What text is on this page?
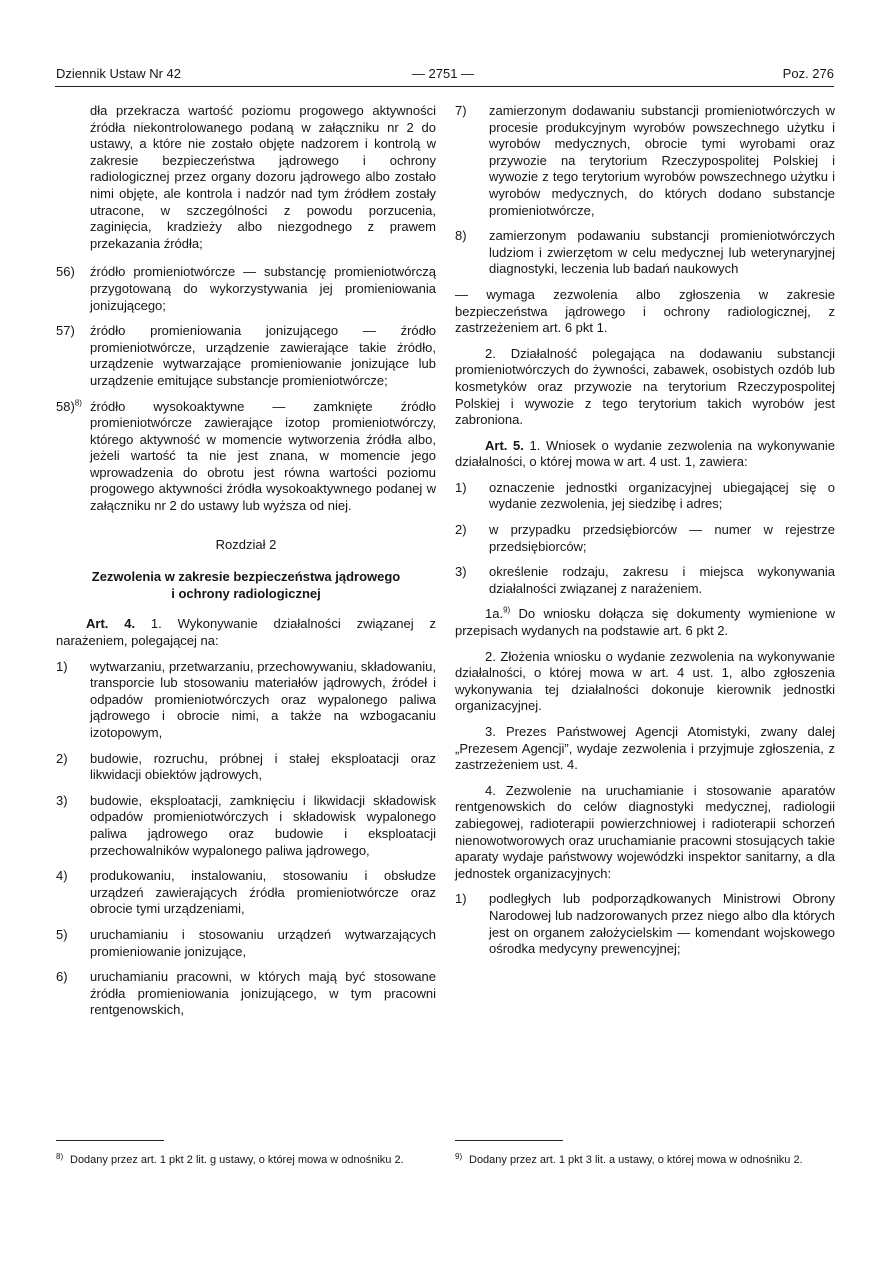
Dziennik Ustaw Nr 42	— 2751 —	Poz. 276

dła przekracza wartość poziomu progowego aktywności źródła niekontrolowanego podaną w załączniku nr 2 do ustawy, a które nie zostało objęte nadzorem i kontrolą w zakresie bezpieczeństwa jądrowego i ochrony radiologicznej przez organy dozoru jądrowego albo zostało nimi objęte, ale kontrola i nadzór nad tym źródłem zostały utracone, w szczególności z powodu porzucenia, zaginięcia, kradzieży albo niezgodnego z prawem przekazania źródła;

56) źródło promieniotwórcze — substancję promieniotwórczą przygotowaną do wykorzystywania jej promieniowania jonizującego;
57) źródło promieniowania jonizującego — źródło promieniotwórcze, urządzenie zawierające takie źródło, urządzenie wytwarzające promieniowanie jonizujące lub urządzenie emitujące substancje promieniotwórcze;
58)$^{8)}$ źródło wysokoaktywne — zamknięte źródło promieniotwórcze zawierające izotop promieniotwórczy, którego aktywność w momencie wytworzenia źródła albo, jeżeli wartość ta nie jest znana, w momencie jego wprowadzenia do obrotu jest równa wartości poziomu progowego aktywności źródła wysokoaktywnego podanej w załączniku nr 2 do ustawy lub wyższa od niej.

Rozdział 2

Zezwolenia w zakresie bezpieczeństwa jądrowego

i ochrony radiologicznej

Art. 4. 1. Wykonywanie działalności związanej z narażeniem, polegającej na:

1) wytwarzaniu, przetwarzaniu, przechowywaniu, składowaniu, transporcie lub stosowaniu materiałów jądrowych, źródeł i odpadów promieniotwórczych oraz wypalonego paliwa jądrowego i obrocie nimi, a także na wzbogacaniu izotopowym,
2) budowie, rozruchu, próbnej i stałej eksploatacji oraz likwidacji obiektów jądrowych,
3) budowie, eksploatacji, zamknięciu i likwidacji składowisk odpadów promieniotwórczych i składowisk wypalonego paliwa jądrowego oraz budowie i eksploatacji przechowalników wypalonego paliwa jądrowego,
4) produkowaniu, instalowaniu, stosowaniu i obsłudze urządzeń zawierających źródła promieniotwórcze oraz obrocie tymi urządzeniami,
5) uruchamianiu i stosowaniu urządzeń wytwarzających promieniowanie jonizujące,
6) uruchamianiu pracowni, w których mają być stosowane źródła promieniowania jonizującego, w tym pracowni rentgenowskich,
7) zamierzonym dodawaniu substancji promieniotwórczych w procesie produkcyjnym wyrobów powszechnego użytku i wyrobów medycznych, obrocie tymi wyrobami oraz przywozie na terytorium Rzeczypospolitej Polskiej i wywozie z tego terytorium wyrobów powszechnego użytku i wyrobów medycznych, do których dodano substancje promieniotwórcze,
8) zamierzonym podawaniu substancji promieniotwórczych ludziom i zwierzętom w celu medycznej lub weterynaryjnej diagnostyki, leczenia lub badań naukowych

— wymaga zezwolenia albo zgłoszenia w zakresie bezpieczeństwa jądrowego i ochrony radiologicznej, z zastrzeżeniem art. 6 pkt 1.

2. Działalność polegająca na dodawaniu substancji promieniotwórczych do żywności, zabawek, osobistych ozdób lub kosmetyków oraz przywozie na terytorium Rzeczypospolitej Polskiej i wywozie z tego terytorium takich wyrobów jest zabroniona.

Art. 5. 1. Wniosek o wydanie zezwolenia na wykonywanie działalności, o której mowa w art. 4 ust. 1, zawiera:

1) oznaczenie jednostki organizacyjnej ubiegającej się o wydanie zezwolenia, jej siedzibę i adres;
2) w przypadku przedsiębiorców — numer w rejestrze przedsiębiorców;
3) określenie rodzaju, zakresu i miejsca wykonywania działalności związanej z narażeniem.

1a.$^{9)}$ Do wniosku dołącza się dokumenty wymienione w przepisach wydanych na podstawie art. 6 pkt 2.

2. Złożenia wniosku o wydanie zezwolenia na wykonywanie działalności, o której mowa w art. 4 ust. 1, albo zgłoszenia wykonywania tej działalności dokonuje kierownik jednostki organizacyjnej.

3. Prezes Państwowej Agencji Atomistyki, zwany dalej „Prezesem Agencji”, wydaje zezwolenia i przyjmuje zgłoszenia, z zastrzeżeniem ust. 4.

4. Zezwolenie na uruchamianie i stosowanie aparatów rentgenowskich do celów diagnostyki medycznej, radiologii zabiegowej, radioterapii powierzchniowej i radioterapii schorzeń nienowotworowych oraz uruchamianie pracowni stosujących takie aparaty wydaje państwowy wojewódzki inspektor sanitarny, a dla jednostek organizacyjnych:

1) podległych lub podporządkowanych Ministrowi Obrony Narodowej lub nadzorowanych przez niego albo dla których jest on organem założycielskim — komendant wojskowego ośrodka medycyny prewencyjnej;

8) Dodany przez art. 1 pkt 2 lit. g ustawy, o której mowa w odnośniku 2.	9) Dodany przez art. 1 pkt 3 lit. a ustawy, o której mowa w odnośniku 2.
